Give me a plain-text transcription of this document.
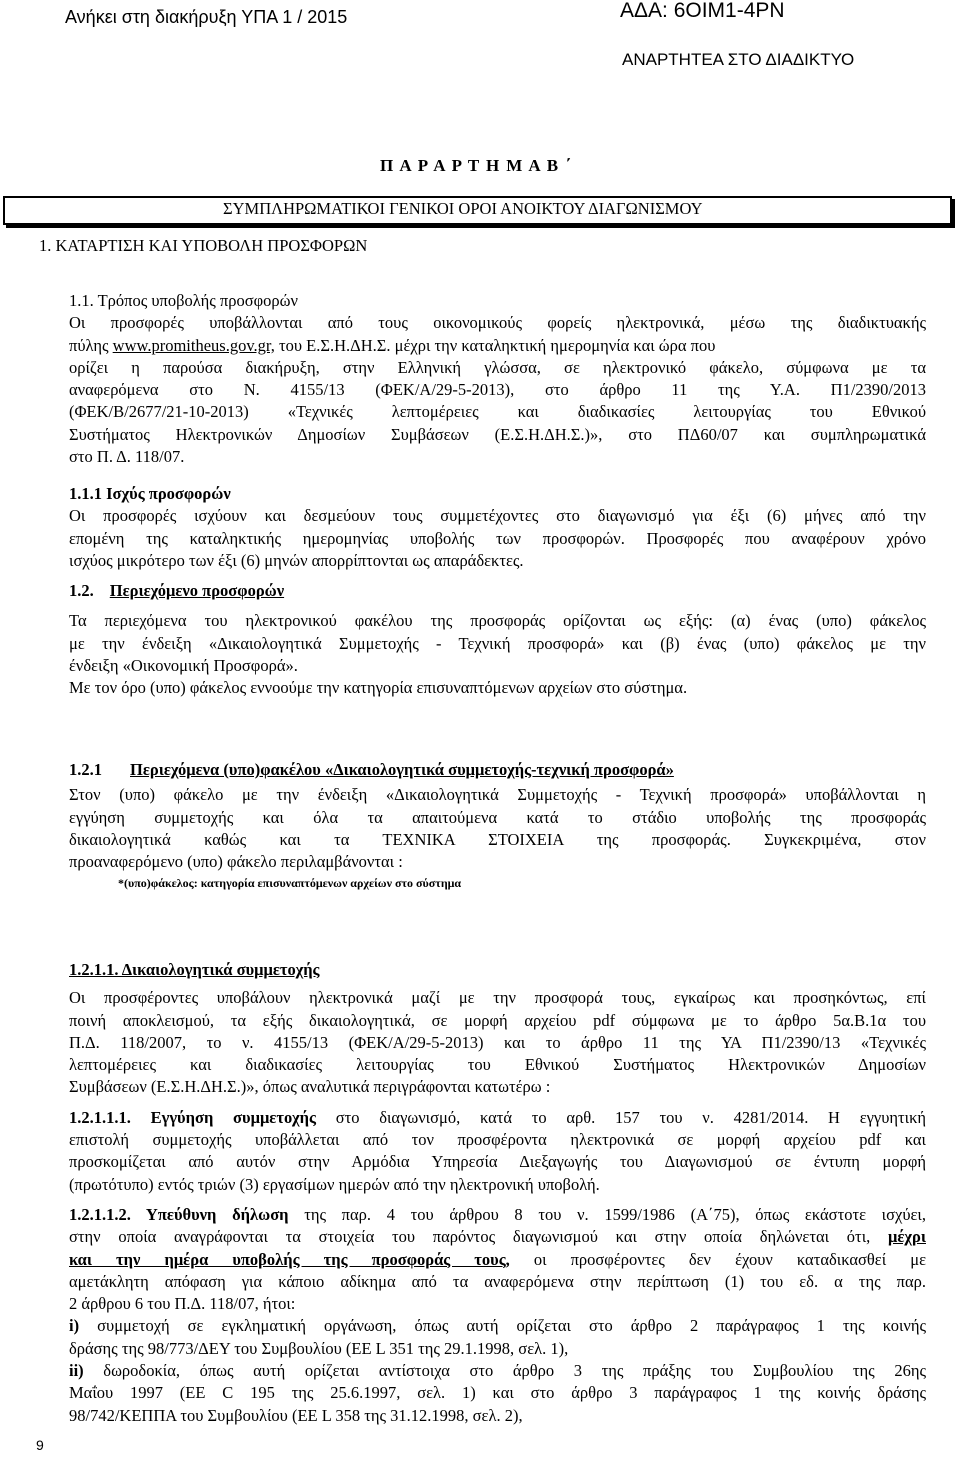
Ανήκει στη διακήρυξη ΥΠΑ 1 / 2015	ΑΔΑ: 6ΟΙΜ1-4ΡΝ
ΑΝΑΡΤΗΤΕΑ ΣΤΟ ΔΙΑΔΙΚΤΥΟ
Π Α Ρ Α Ρ Τ Η Μ Α Β ΄
ΣΥΜΠΛΗΡΩΜΑΤΙΚΟΙ ΓΕΝΙΚΟΙ ΟΡΟΙ ΑΝΟΙΚΤΟΥ ΔΙΑΓΩΝΙΣΜΟΥ
1. ΚΑΤΑΡΤΙΣΗ ΚΑΙ ΥΠΟΒΟΛΗ ΠΡΟΣΦΟΡΩΝ
1.1. Τρόπος υποβολής προσφορών
Οι προσφορές υποβάλλονται από τους οικονομικούς φορείς ηλεκτρονικά, μέσω της διαδικτυακής
πύλης www.promitheus.gov.gr, του Ε.Σ.Η.ΔΗ.Σ. μέχρι την καταληκτική ημερομηνία και ώρα που
ορίζει η παρούσα διακήρυξη, στην Ελληνική γλώσσα, σε ηλεκτρονικό φάκελο, σύμφωνα με τα
αναφερόμενα στο Ν. 4155/13 (ΦΕΚ/Α/29-5-2013), στο άρθρο 11 της Υ.Α. Π1/2390/2013
(ΦΕΚ/Β/2677/21-10-2013) «Τεχνικές λεπτομέρειες και διαδικασίες λειτουργίας του Εθνικού
Συστήματος Ηλεκτρονικών Δημοσίων Συμβάσεων (Ε.Σ.Η.ΔΗ.Σ.)», στο ΠΔ60/07 και συμπληρωματικά
στο Π. Δ. 118/07.
1.1.1 Ισχύς προσφορών
Οι προσφορές ισχύουν και δεσμεύουν τους συμμετέχοντες στο διαγωνισμό για έξι (6) μήνες από την
επομένη της καταληκτικής ημερομηνίας υποβολής των προσφορών. Προσφορές που αναφέρουν χρόνο
ισχύος μικρότερο των έξι (6) μηνών απορρίπτονται ως απαράδεκτες.
1.2. Περιεχόμενο προσφορών
Τα περιεχόμενα του ηλεκτρονικού φακέλου της προσφοράς ορίζονται ως εξής: (α) ένας (υπο) φάκελος
με την ένδειξη «Δικαιολογητικά Συμμετοχής - Τεχνική προσφορά» και (β) ένας (υπο) φάκελος με την
ένδειξη «Οικονομική Προσφορά».
Με τον όρο (υπο) φάκελος εννοούμε την κατηγορία επισυναπτόμενων αρχείων στο σύστημα.
1.2.1 Περιεχόμενα (υπο)φακέλου «Δικαιολογητικά συμμετοχής-τεχνική προσφορά»
Στον (υπο) φάκελο με την ένδειξη «Δικαιολογητικά Συμμετοχής - Τεχνική προσφορά» υποβάλλονται η
εγγύηση συμμετοχής και όλα τα απαιτούμενα κατά το στάδιο υποβολής της προσφοράς
δικαιολογητικά καθώς και τα ΤΕΧΝΙΚΑ ΣΤΟΙΧΕΙΑ της προσφοράς. Συγκεκριμένα, στον
προαναφερόμενο (υπο) φάκελο περιλαμβάνονται :
*(υπο)φάκελος: κατηγορία επισυναπτόμενων αρχείων στο σύστημα
1.2.1.1. Δικαιολογητικά συμμετοχής
Οι προσφέροντες υποβάλουν ηλεκτρονικά μαζί με την προσφορά τους, εγκαίρως και προσηκόντως, επί
ποινή αποκλεισμού, τα εξής δικαιολογητικά, σε μορφή αρχείου pdf σύμφωνα με το άρθρο 5α.Β.1α του
Π.Δ. 118/2007, το ν. 4155/13 (ΦΕΚ/Α/29-5-2013) και το άρθρο 11 της ΥΑ Π1/2390/13 «Τεχνικές
λεπτομέρειες και διαδικασίες λειτουργίας του Εθνικού Συστήματος Ηλεκτρονικών Δημοσίων
Συμβάσεων (Ε.Σ.Η.ΔΗ.Σ.)», όπως αναλυτικά περιγράφονται κατωτέρω :
1.2.1.1.1. Εγγύηση συμμετοχής στο διαγωνισμό, κατά το αρθ. 157 του ν. 4281/2014. Η εγγυητική
επιστολή συμμετοχής υποβάλλεται από τον προσφέροντα ηλεκτρονικά σε μορφή αρχείου pdf και
προσκομίζεται από αυτόν στην Αρμόδια Υπηρεσία Διεξαγωγής του Διαγωνισμού σε έντυπη μορφή
(πρωτότυπο) εντός τριών (3) εργασίμων ημερών από την ηλεκτρονική υποβολή.
1.2.1.1.2. Υπεύθυνη δήλωση της παρ. 4 του άρθρου 8 του ν. 1599/1986 (Α΄75), όπως εκάστοτε ισχύει,
στην οποία αναγράφονται τα στοιχεία του παρόντος διαγωνισμού και στην οποία δηλώνεται ότι, μέχρι
και την ημέρα υποβολής της προσφοράς τους, οι προσφέροντες δεν έχουν καταδικασθεί με
αμετάκλητη απόφαση για κάποιο αδίκημα από τα αναφερόμενα στην περίπτωση (1) του εδ. α της παρ.
2 άρθρου 6 του Π.Δ. 118/07, ήτοι:
i) συμμετοχή σε εγκληματική οργάνωση, όπως αυτή ορίζεται στο άρθρο 2 παράγραφος 1 της κοινής
δράσης της 98/773/ΔΕΥ του Συμβουλίου (ΕΕ L 351 της 29.1.1998, σελ. 1),
ii) δωροδοκία, όπως αυτή ορίζεται αντίστοιχα στο άρθρο 3 της πράξης του Συμβουλίου της 26ης
Μαΐου 1997 (ΕΕ C 195 της 25.6.1997, σελ. 1) και στο άρθρο 3 παράγραφος 1 της κοινής δράσης
98/742/ΚΕΠΠΑ του Συμβουλίου (ΕΕ L 358 της 31.12.1998, σελ. 2),
9
